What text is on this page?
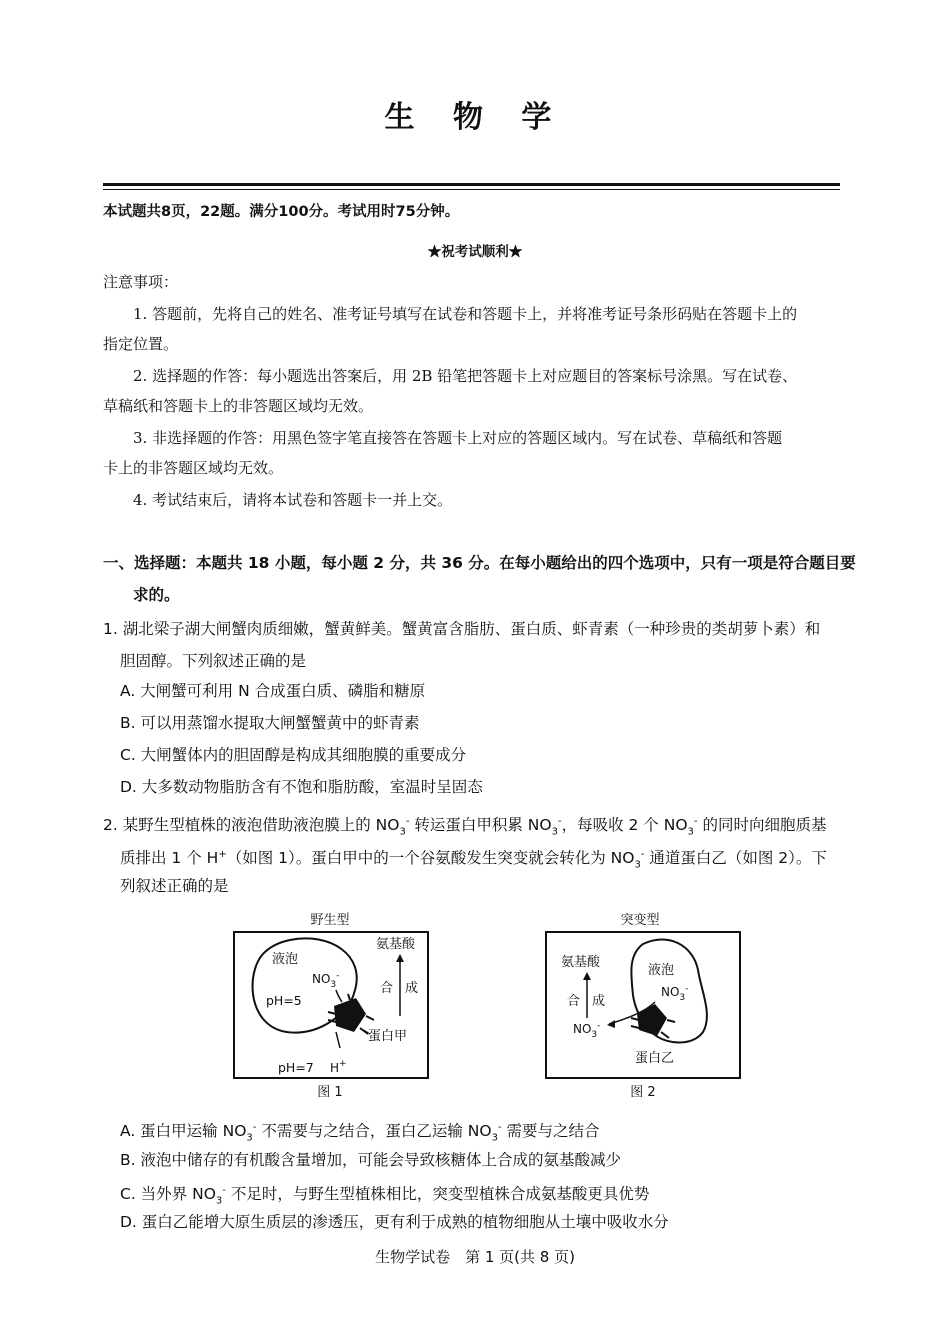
生 物 学
本试题共8页，22题。满分100分。考试用时75分钟。
★祝考试顺利★
注意事项：
1. 答题前，先将自己的姓名、准考证号填写在试卷和答题卡上，并将准考证号条形码贴在答题卡上的
指定位置。
2. 选择题的作答：每小题选出答案后，用 2B 铅笔把答题卡上对应题目的答案标号涂黑。写在试卷、
草稿纸和答题卡上的非答题区域均无效。
3. 非选择题的作答：用黑色签字笔直接答在答题卡上对应的答题区域内。写在试卷、草稿纸和答题
卡上的非答题区域均无效。
4. 考试结束后，请将本试卷和答题卡一并上交。
一、选择题：本题共 18 小题，每小题 2 分，共 36 分。在每小题给出的四个选项中，只有一项是符合题目要
求的。
1. 湖北梁子湖大闸蟹肉质细嫩，蟹黄鲜美。蟹黄富含脂肪、蛋白质、虾青素（一种珍贵的类胡萝卜素）和
胆固醇。下列叙述正确的是
A. 大闸蟹可利用 N 合成蛋白质、磷脂和糖原
B. 可以用蒸馏水提取大闸蟹蟹黄中的虾青素
C. 大闸蟹体内的胆固醇是构成其细胞膜的重要成分
D. 大多数动物脂肪含有不饱和脂肪酸，室温时呈固态
2. 某野生型植株的液泡借助液泡膜上的 $NO_3^-$ 转运蛋白甲积累 $NO_3^-$，每吸收 2 个 $NO_3^-$ 的同时向细胞质基
质排出 1 个 H+（如图 1）。蛋白甲中的一个谷氨酸发生突变就会转化为 $NO_3^-$ 通道蛋白乙（如图 2）。下
列叙述正确的是
野生型
液泡
pH=5
$NO_3^-$
蛋白甲
pH=7 H+
氨基酸
合 成
图 1
突变型
液泡
$NO_3^-$
$NO_3^-$
氨基酸
合 成
蛋白乙
图 2
A. 蛋白甲运输 $NO_3^-$ 不需要与之结合，蛋白乙运输 $NO_3^-$ 需要与之结合
B. 液泡中储存的有机酸含量增加，可能会导致核糖体上合成的氨基酸减少
C. 当外界 $NO_3^-$ 不足时，与野生型植株相比，突变型植株合成氨基酸更具优势
D. 蛋白乙能增大原生质层的渗透压，更有利于成熟的植物细胞从土壤中吸收水分
生物学试卷　第 1 页(共 8 页)
